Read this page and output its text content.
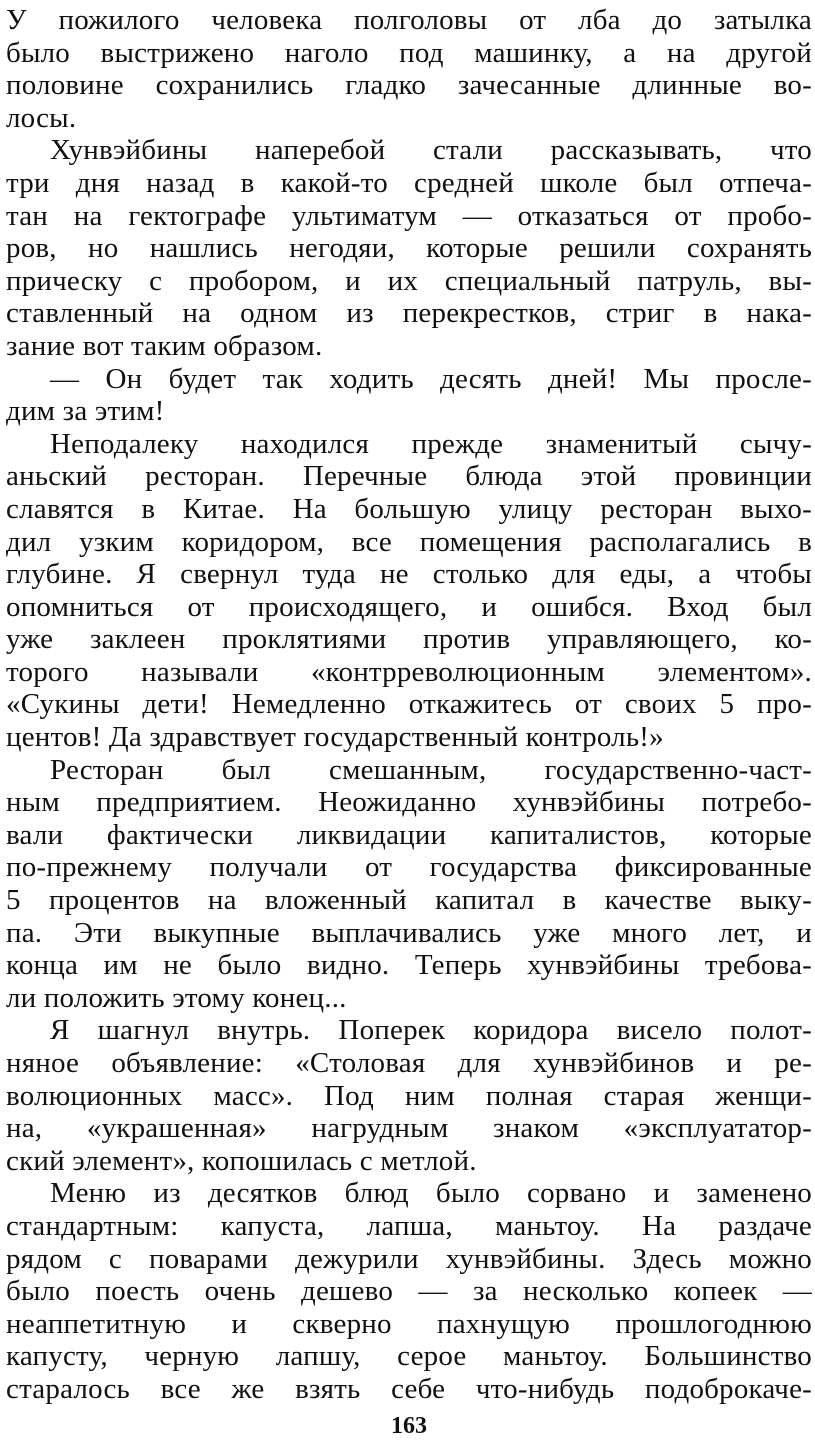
У пожилого человека полголовы от лба до затылка
было выстрижено наголо под машинку, а на другой
половине сохранились гладко зачесанные длинные во-
лосы.
Хунвэйбины наперебой стали рассказывать, что
три дня назад в какой-то средней школе был отпеча-
тан на гектографе ультиматум — отказаться от пробо-
ров, но нашлись негодяи, которые решили сохранять
прическу с пробором, и их специальный патруль, вы-
ставленный на одном из перекрестков, стриг в нака-
зание вот таким образом.
— Он будет так ходить десять дней! Мы просле-
дим за этим!
Неподалеку находился прежде знаменитый сычу-
аньский ресторан. Перечные блюда этой провинции
славятся в Китае. На большую улицу ресторан выхо-
дил узким коридором, все помещения располагались в
глубине. Я свернул туда не столько для еды, а чтобы
опомниться от происходящего, и ошибся. Вход был
уже заклеен проклятиями против управляющего, ко-
торого называли «контрреволюционным элементом».
«Сукины дети! Немедленно откажитесь от своих 5 про-
центов! Да здравствует государственный контроль!»
Ресторан был смешанным, государственно-част-
ным предприятием. Неожиданно хунвэйбины потребо-
вали фактически ликвидации капиталистов, которые
по-прежнему получали от государства фиксированные
5 процентов на вложенный капитал в качестве выку-
па. Эти выкупные выплачивались уже много лет, и
конца им не было видно. Теперь хунвэйбины требова-
ли положить этому конец...
Я шагнул внутрь. Поперек коридора висело полот-
няное объявление: «Столовая для хунвэйбинов и ре-
волюционных масс». Под ним полная старая женщи-
на, «украшенная» нагрудным знаком «эксплуататор-
ский элемент», копошилась с метлой.
Меню из десятков блюд было сорвано и заменено
стандартным: капуста, лапша, маньтоу. На раздаче
рядом с поварами дежурили хунвэйбины. Здесь можно
было поесть очень дешево — за несколько копеек —
неаппетитную и скверно пахнущую прошлогоднюю
капусту, черную лапшу, серое маньтоу. Большинство
старалось все же взять себе что-нибудь подоброкаче-
163
